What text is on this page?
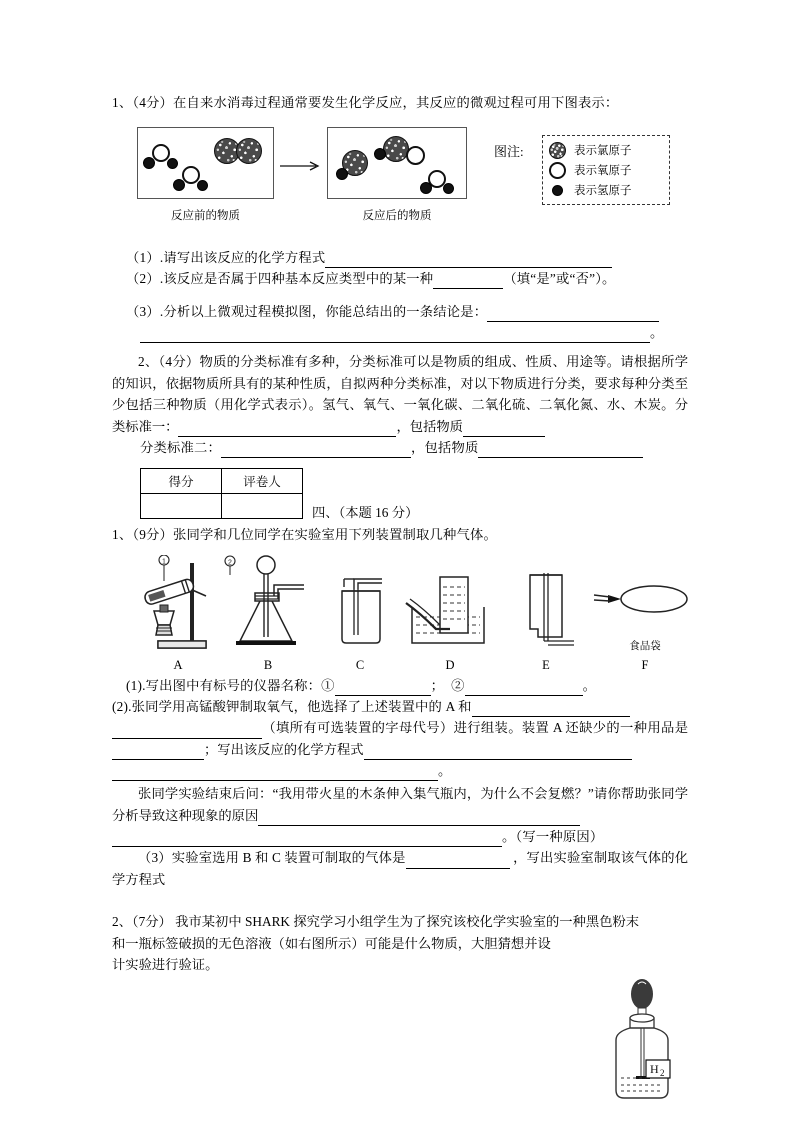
1、（4分）在自来水消毒过程通常要发生化学反应，其反应的微观过程可用下图表示：
反应前的物质	反应后的物质
图注:	表示氯原子
表示氧原子
表示氢原子
（1）.请写出该反应的化学方程式
（2）.该反应是否属于四种基本反应类型中的某一种	（填“是”或“否”）。
（3）.分析以上微观过程模拟图，你能总结出的一条结论是：
。
2、（4分）物质的分类标准有多种，分类标准可以是物质的组成、性质、用途等。请根据所学的知识，依据物质所具有的某种性质，自拟两种分类标准，对以下物质进行分类，要求每种分类至少包括三种物质（用化学式表示）。氢气、氧气、一氧化碳、二氧化硫、二氧化氮、水、木炭。分类标准一：	，包括物质
分类标准二：	，包括物质
得分	评卷人

四、（本题 16 分）
1、（9分）张同学和几位同学在实验室用下列装置制取几种气体。
1
A
2
B	C	D	E
食品袋
F
(1).写出图中有标号的仪器名称：①	； ②	。
(2).张同学用高锰酸钾制取氧气，他选择了上述装置中的 A 和
（填所有可选装置的字母代号）进行组装。装置 A 还缺少的一种用品是；写出该反应的化学方程式
。
张同学实验结束后问：“我用带火星的木条伸入集气瓶内，为什么不会复燃？”请你帮助张同学分析导致这种现象的原因
。（写一种原因）
（3）实验室选用 B 和 C 装置可制取的气体是	，写出实验室制取该气体的化学方程式
2、（7分） 我市某初中 SHARK 探究学习小组学生为了探究该校化学实验室的一种黑色粉末
和一瓶标签破损的无色溶液（如右图所示）可能是什么物质，大胆猜想并设
计实验进行验证。
H 2
